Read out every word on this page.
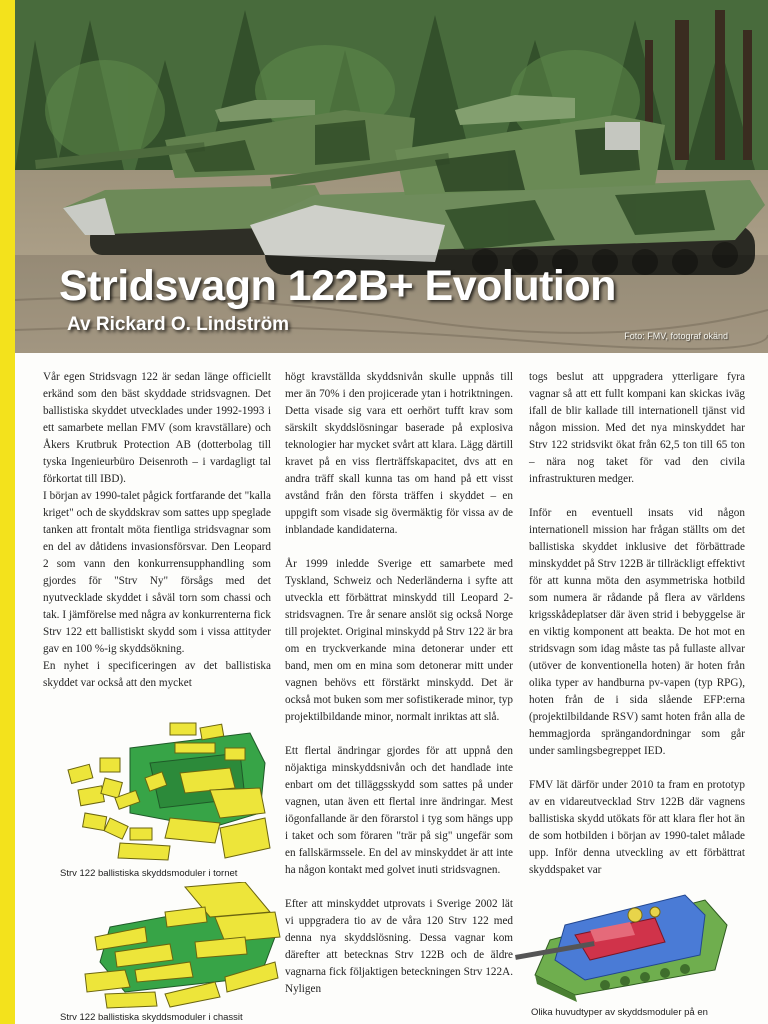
Stridsvagn 122B+ Evolution
Av Rickard O. Lindström
Foto: FMV, fotograf okänd

Vår egen Stridsvagn 122 är sedan länge officiellt erkänd som den bäst skyddade stridsvagnen. Det ballistiska skyddet utvecklades under 1992-1993 i ett samarbete mellan FMV (som kravställare) och Åkers Krutbruk Protection AB (dotterbolag till tyska Ingenieurbüro Deisenroth – i vardagligt tal förkortat till IBD).

I början av 1990-talet pågick fortfarande det "kalla kriget" och de skyddskrav som sattes upp speglade tanken att frontalt möta fientliga stridsvagnar som en del av dåtidens invasionsförsvar. Den Leopard 2 som vann den konkurrensupphandling som gjordes för "Strv Ny" försågs med det nyutvecklade skyddet i såväl torn som chassi och tak. I jämförelse med några av konkurrenterna fick Strv 122 ett ballistiskt skydd som i vissa attityder gav en 100 %-ig skyddsökning.

En nyhet i specificeringen av det ballistiska skyddet var också att den mycket

Strv 122 ballistiska skyddsmoduler i tornet
Strv 122 ballistiska skyddsmoduler i chassit

högt kravställda skyddsnivån skulle uppnås till mer än 70% i den projicerade ytan i hotriktningen. Detta visade sig vara ett oerhört tufft krav som särskilt skyddslösningar baserade på explosiva teknologier har mycket svårt att klara. Lägg därtill kravet på en viss flerträffskapacitet, dvs att en andra träff skall kunna tas om hand på ett visst avstånd från den första träffen i skyddet – en uppgift som visade sig övermäktig för vissa av de inblandade kandidaterna.

År 1999 inledde Sverige ett samarbete med Tyskland, Schweiz och Nederländerna i syfte att utveckla ett förbättrat minskydd till Leopard 2-stridsvagnen. Tre år senare anslöt sig också Norge till projektet. Original minskydd på Strv 122 är bra om en tryckverkande mina detonerar under ett band, men om en mina som detonerar mitt under vagnen behövs ett förstärkt minskydd. Det är också mot buken som mer sofistikerade minor, typ projektilbildande minor, normalt inriktas att slå.

Ett flertal ändringar gjordes för att uppnå den nöjaktiga minskyddsnivån och det handlade inte enbart om det tilläggsskydd som sattes på under vagnen, utan även ett flertal inre ändringar. Mest iögonfallande är den förarstol i tyg som hängs upp i taket och som föraren "trär på sig" ungefär som en fallskärmssele. En del av minskyddet är att inte ha någon kontakt med golvet inuti stridsvagnen.

Efter att minskyddet utprovats i Sverige 2002 lät vi uppgradera tio av de våra 120 Strv 122 med denna nya skyddslösning. Dessa vagnar kom därefter att betecknas Strv 122B och de äldre vagnarna fick följaktigen beteckningen Strv 122A. Nyligen

togs beslut att uppgradera ytterligare fyra vagnar så att ett fullt kompani kan skickas iväg ifall de blir kallade till internationell tjänst vid någon mission. Med det nya minskyddet har Strv 122 stridsvikt ökat från 62,5 ton till 65 ton – nära nog taket för vad den civila infrastrukturen medger.

Inför en eventuell insats vid någon internationell mission har frågan ställts om det ballistiska skyddet inklusive det förbättrade minskyddet på Strv 122B är tillräckligt effektivt för att kunna möta den asymmetriska hotbild som numera är rådande på flera av världens krigsskådeplatser där även strid i bebyggelse är en viktig komponent att beakta. De hot mot en stridsvagn som idag måste tas på fullaste allvar (utöver de konventionella hoten) är hoten från olika typer av handburna pv-vapen (typ RPG), hoten från de i sida slående EFP:erna (projektilbildande RSV) samt hoten från alla de hemmagjorda sprängandordningar som går under samlingsbegreppet IED.

FMV lät därför under 2010 ta fram en prototyp av en vidareutvecklad Strv 122B där vagnens ballistiska skydd utökats för att klara fler hot än de som hotbilden i början av 1990-talet målade upp. Inför denna utveckling av ett förbättrat skyddspaket var

Olika huvudtyper av skyddsmoduler på en
